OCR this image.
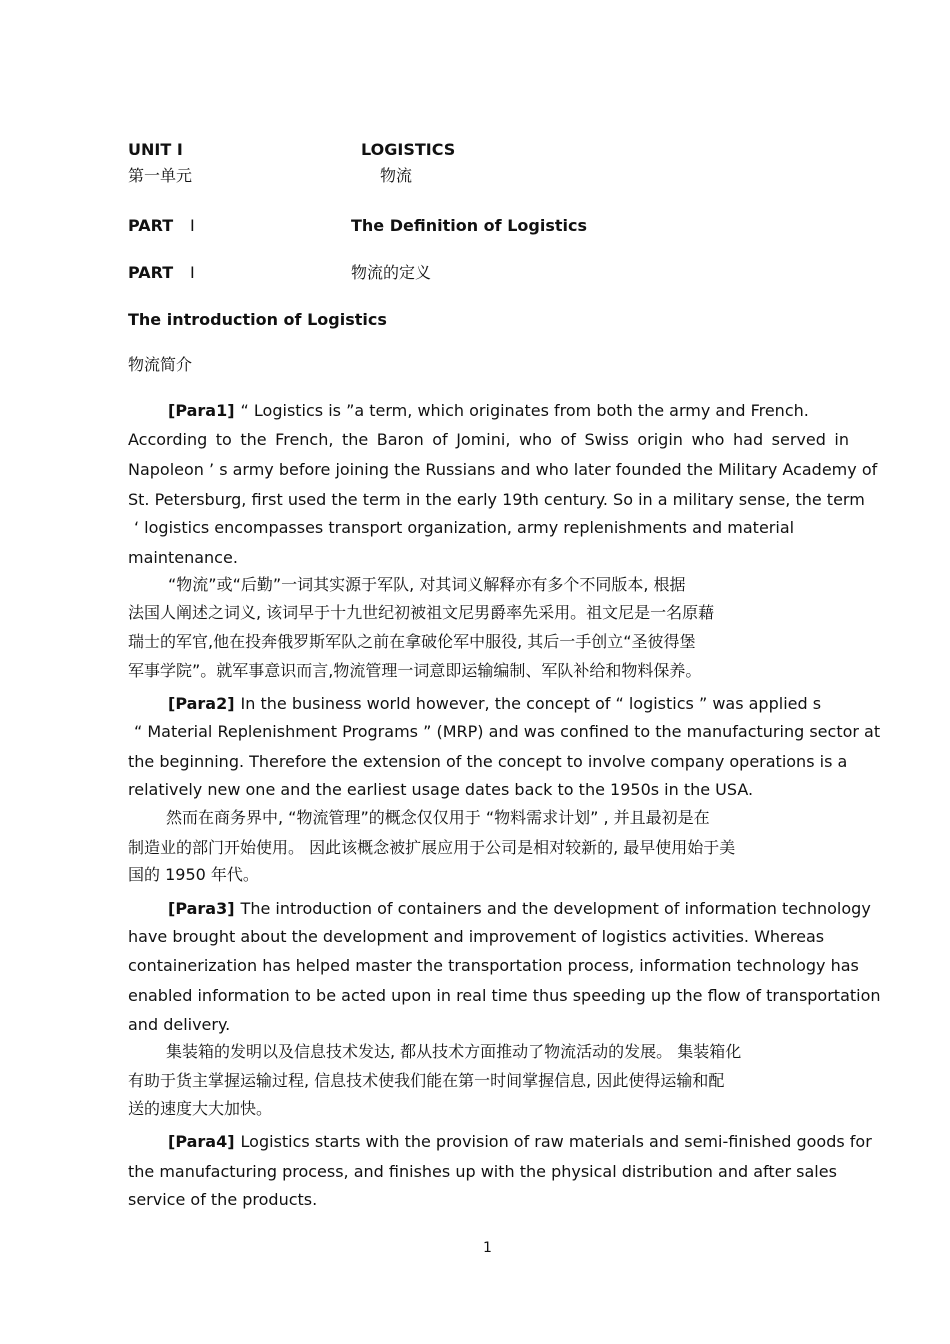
UNIT I	LOGISTICS
第一单元	物流
PART Ⅰ	The Definition of Logistics
PART Ⅰ	物流的定义
The introduction of Logistics
物流简介
[Para1] “ Logistics is ”a term, which originates from both the army and French.
According to the French, the Baron of Jomini, who of Swiss origin who had served in
Napoleon ’ s army before joining the Russians and who later founded the Military Academy of
St. Petersburg, first used the term in the early 19th century. So in a military sense, the term
‘ logistics encompasses transport organization, army replenishments and material
maintenance.
“物流”或“后勤”一词其实源于军队, 对其词义解释亦有多个不同版本, 根据
法国人阐述之词义, 该词早于十九世纪初被祖文尼男爵率先采用。祖文尼是一名原藉
瑞士的军官,他在投奔俄罗斯军队之前在拿破伦军中服役, 其后一手创立“圣彼得堡
军事学院”。就军事意识而言,物流管理一词意即运输编制、军队补给和物料保养。
[Para2] In the business world however, the concept of “ logistics ” was applied s
“ Material Replenishment Programs ” (MRP) and was confined to the manufacturing sector at
the beginning. Therefore the extension of the concept to involve company operations is a
relatively new one and the earliest usage dates back to the 1950s in the USA.
然而在商务界中, “物流管理”的概念仅仅用于 “物料需求计划” , 并且最初是在
制造业的部门开始使用。 因此该概念被扩展应用于公司是相对较新的, 最早使用始于美
国的 1950 年代。
[Para3] The introduction of containers and the development of information technology
have brought about the development and improvement of logistics activities. Whereas
containerization has helped master the transportation process, information technology has
enabled information to be acted upon in real time thus speeding up the flow of transportation
and delivery.
集装箱的发明以及信息技术发达, 都从技术方面推动了物流活动的发展。 集装箱化
有助于货主掌握运输过程, 信息技术使我们能在第一时间掌握信息, 因此使得运输和配
送的速度大大加快。
[Para4] Logistics starts with the provision of raw materials and semi-finished goods for
the manufacturing process, and finishes up with the physical distribution and after sales
service of the products.
1
